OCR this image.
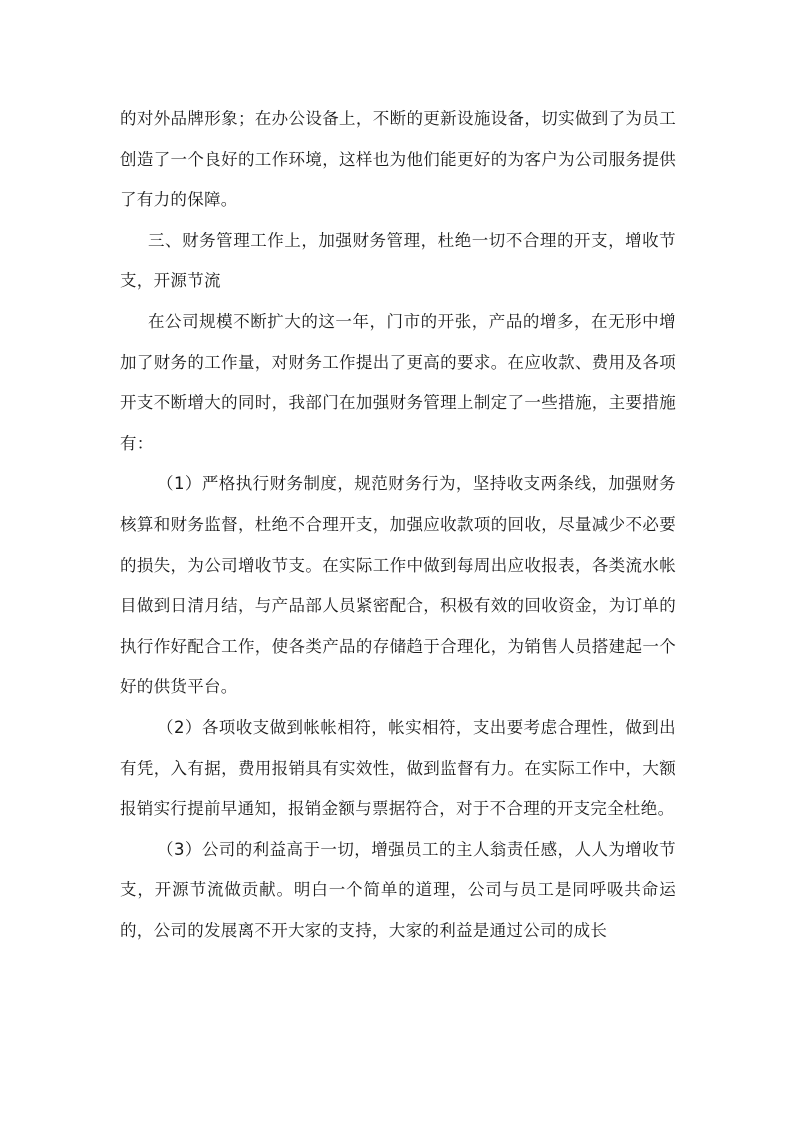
的对外品牌形象；在办公设备上，不断的更新设施设备，切实做到了为员工创造了一个良好的工作环境，这样也为他们能更好的为客户为公司服务提供了有力的保障。

三、财务管理工作上，加强财务管理，杜绝一切不合理的开支，增收节支，开源节流

在公司规模不断扩大的这一年，门市的开张，产品的增多，在无形中增加了财务的工作量，对财务工作提出了更高的要求。在应收款、费用及各项开支不断增大的同时，我部门在加强财务管理上制定了一些措施，主要措施有：

（1）严格执行财务制度，规范财务行为，坚持收支两条线，加强财务核算和财务监督，杜绝不合理开支，加强应收款项的回收，尽量减少不必要的损失，为公司增收节支。在实际工作中做到每周出应收报表，各类流水帐目做到日清月结，与产品部人员紧密配合，积极有效的回收资金，为订单的执行作好配合工作，使各类产品的存储趋于合理化，为销售人员搭建起一个好的供货平台。

（2）各项收支做到帐帐相符，帐实相符，支出要考虑合理性，做到出有凭，入有据，费用报销具有实效性，做到监督有力。在实际工作中，大额报销实行提前早通知，报销金额与票据符合，对于不合理的开支完全杜绝。

（3）公司的利益高于一切，增强员工的主人翁责任感，人人为增收节支，开源节流做贡献。明白一个简单的道理，公司与员工是同呼吸共命运的，公司的发展离不开大家的支持，大家的利益是通过公司的成长
